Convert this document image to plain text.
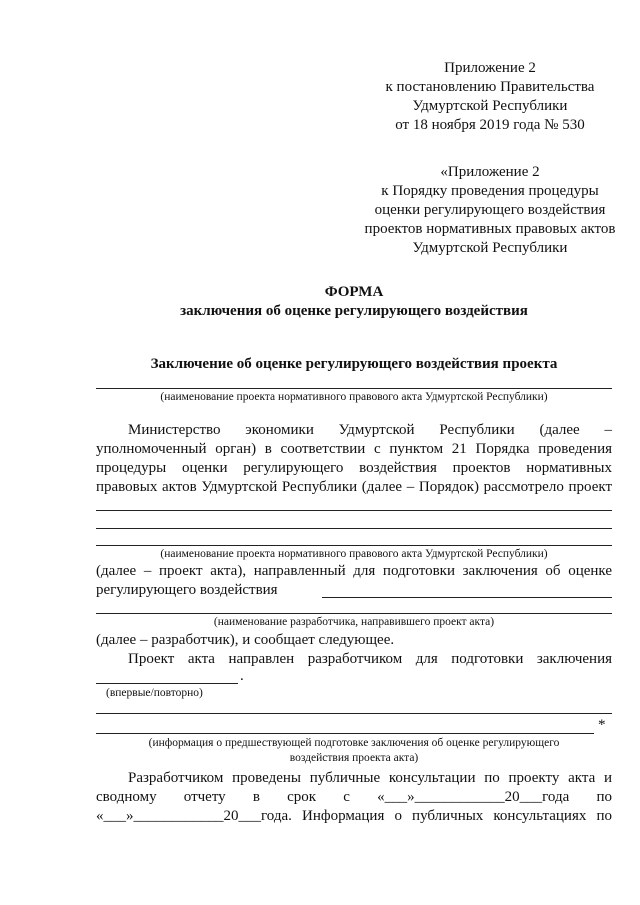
Приложение 2
к постановлению Правительства
Удмуртской Республики
от 18 ноября 2019 года № 530
«Приложение 2
к Порядку проведения процедуры
оценки регулирующего воздействия
проектов нормативных правовых актов
Удмуртской Республики
ФОРМА
заключения об оценке регулирующего воздействия
Заключение об оценке регулирующего воздействия проекта
(наименование проекта нормативного правового акта Удмуртской Республики)
Министерство экономики Удмуртской Республики (далее –
уполномоченный орган) в соответствии с пунктом 21 Порядка проведения
процедуры оценки регулирующего воздействия проектов нормативных
правовых актов Удмуртской Республики (далее – Порядок) рассмотрело проект
(наименование проекта нормативного правового акта Удмуртской Республики)
(далее – проект акта), направленный для подготовки заключения об оценке
регулирующего воздействия
(наименование разработчика, направившего проект акта)
(далее – разработчик), и сообщает следующее.
Проект акта направлен разработчиком для подготовки заключения
.
(впервые/повторно)
*
(информация о предшествующей подготовке заключения об оценке регулирующего
воздействия проекта акта)
Разработчиком проведены публичные консультации по проекту акта и
сводному отчету в срок с «___»____________20___года по
«___»____________20___года. Информация о публичных консультациях по
